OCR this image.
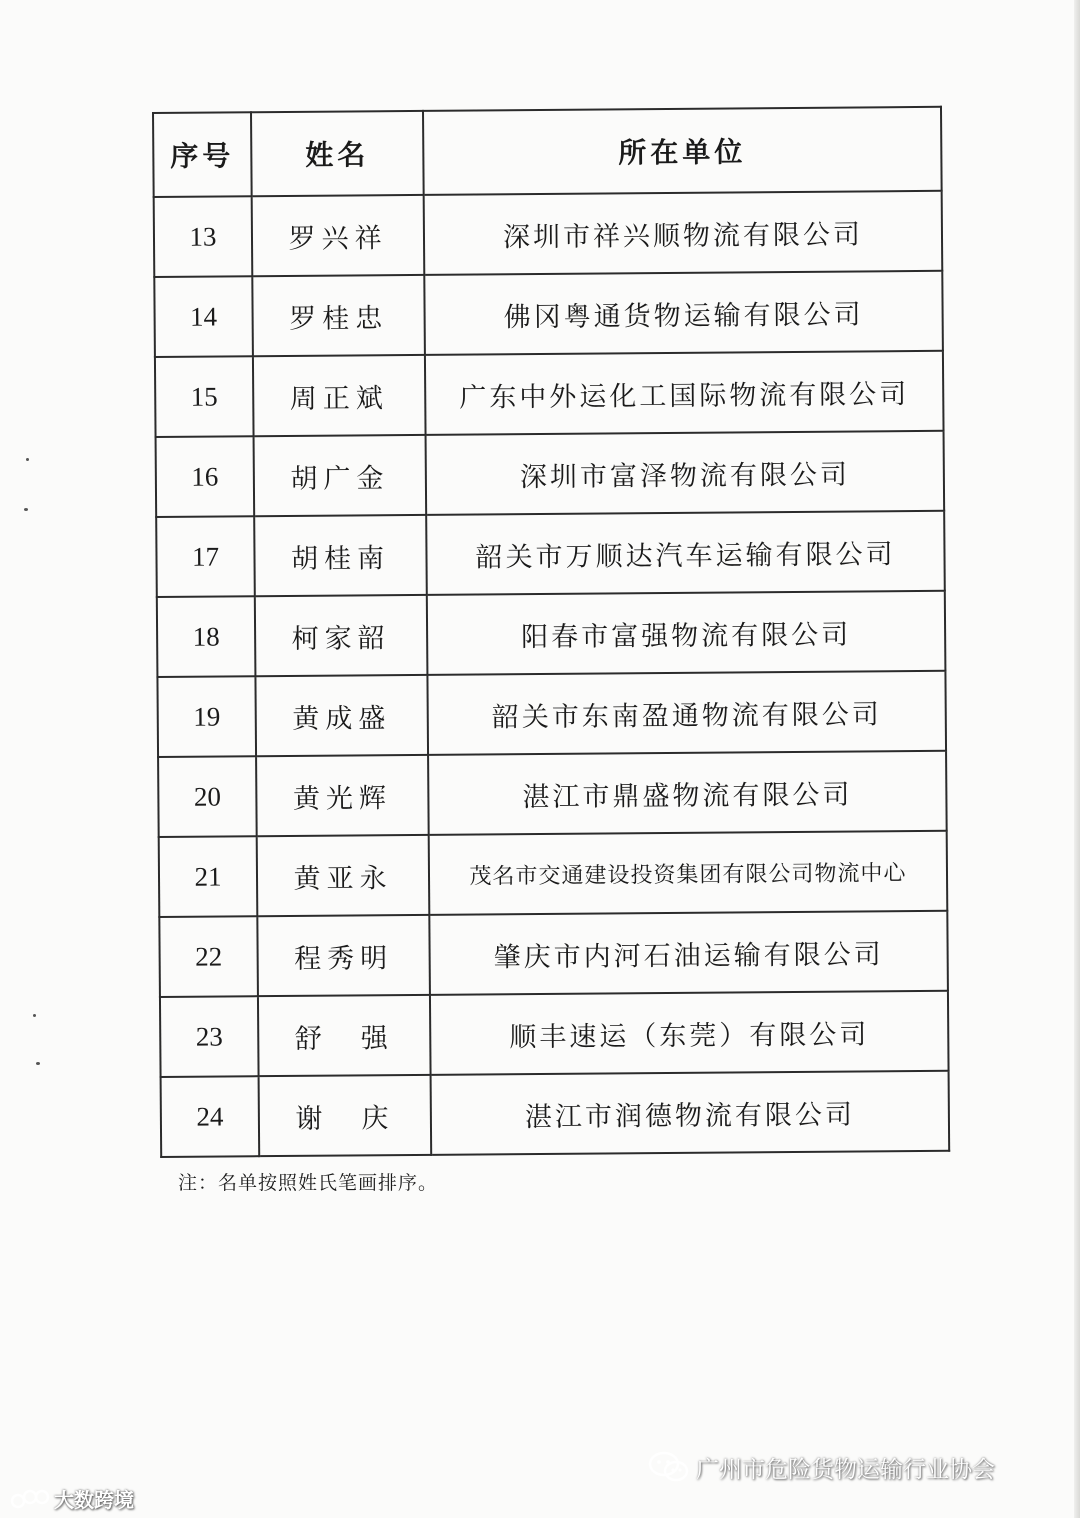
序号	姓名	所在单位
13	罗兴祥	深圳市祥兴顺物流有限公司
14	罗桂忠	佛冈粤通货物运输有限公司
15	周正斌	广东中外运化工国际物流有限公司
16	胡广金	深圳市富泽物流有限公司
17	胡桂南	韶关市万顺达汽车运输有限公司
18	柯家韶	阳春市富强物流有限公司
19	黄成盛	韶关市东南盈通物流有限公司
20	黄光辉	湛江市鼎盛物流有限公司
21	黄亚永	茂名市交通建设投资集团有限公司物流中心
22	程秀明	肇庆市内河石油运输有限公司
23	舒　强	顺丰速运（东莞）有限公司
24	谢　庆	湛江市润德物流有限公司
注：名单按照姓氏笔画排序。
大数跨境
广州市危险货物运输行业协会
